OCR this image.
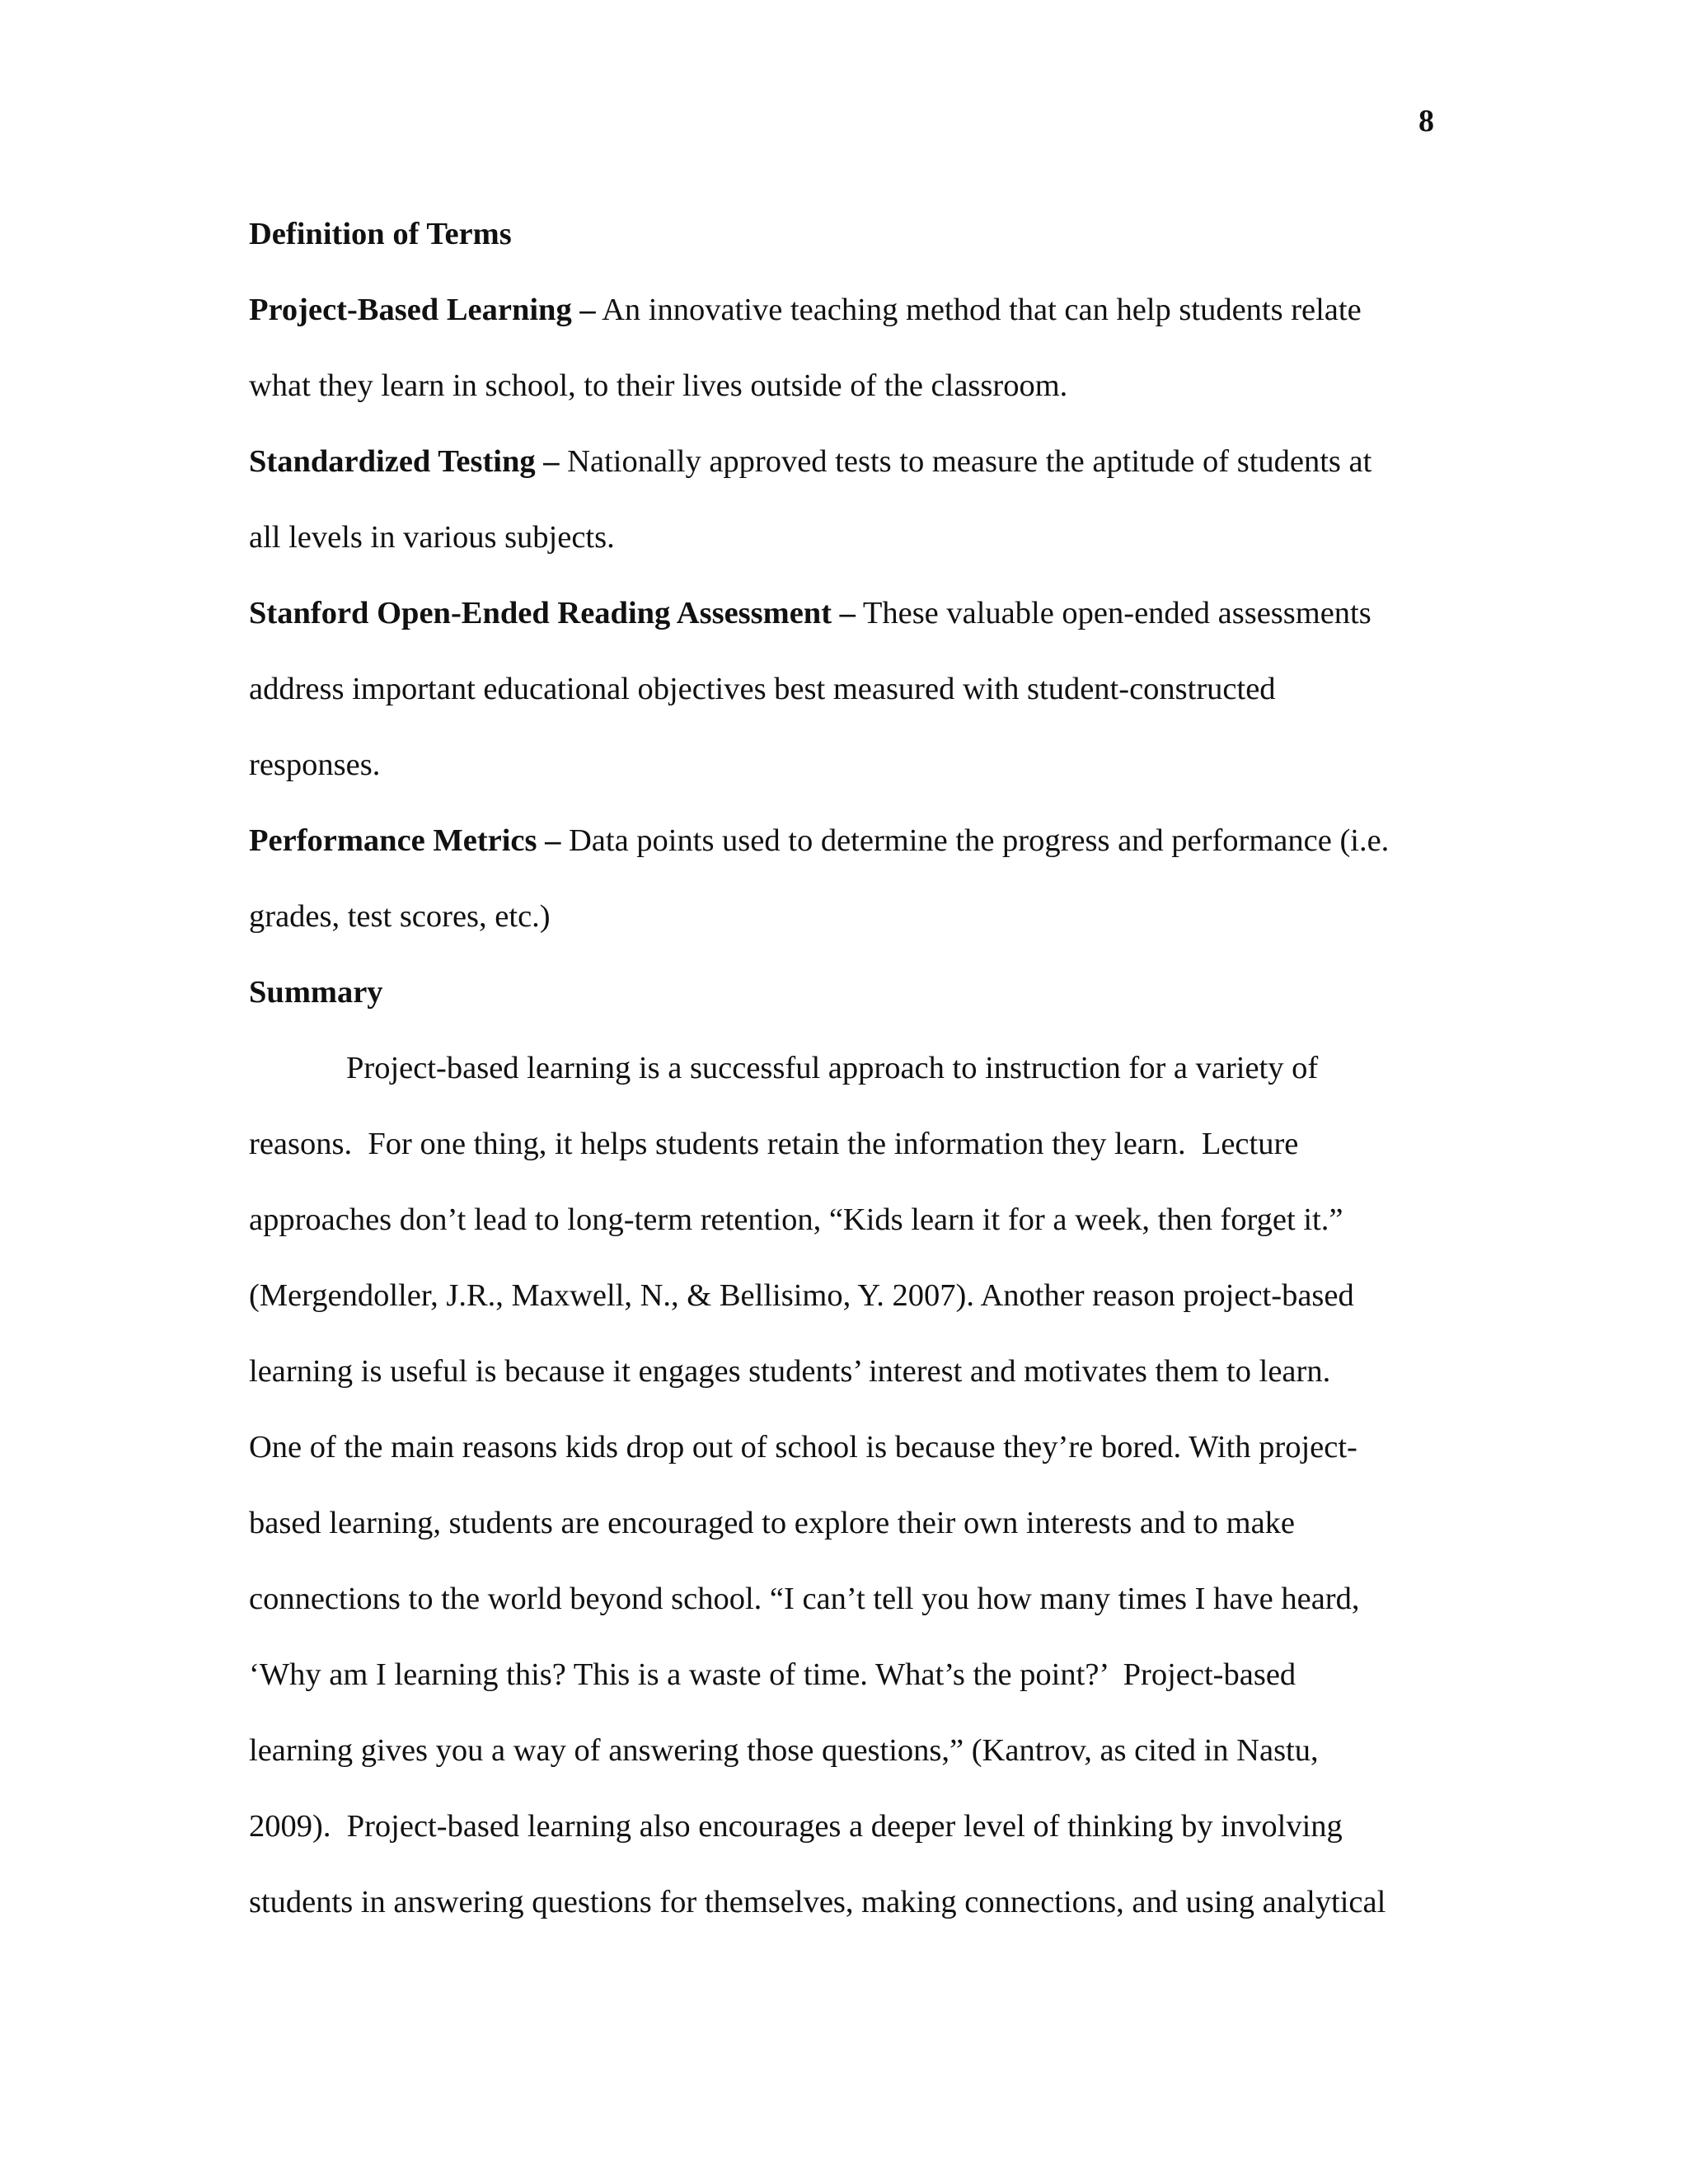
8

Definition of Terms

Project-Based Learning – An innovative teaching method that can help students relate
what they learn in school, to their lives outside of the classroom.
Standardized Testing – Nationally approved tests to measure the aptitude of students at
all levels in various subjects.
Stanford Open-Ended Reading Assessment – These valuable open-ended assessments
address important educational objectives best measured with student-constructed
responses.
Performance Metrics – Data points used to determine the progress and performance (i.e.
grades, test scores, etc.)

Summary

Project-based learning is a successful approach to instruction for a variety of
reasons.  For one thing, it helps students retain the information they learn.  Lecture
approaches don’t lead to long-term retention, “Kids learn it for a week, then forget it.”
(Mergendoller, J.R., Maxwell, N., & Bellisimo, Y. 2007). Another reason project-based
learning is useful is because it engages students’ interest and motivates them to learn.
One of the main reasons kids drop out of school is because they’re bored. With project-
based learning, students are encouraged to explore their own interests and to make
connections to the world beyond school. “I can’t tell you how many times I have heard,
‘Why am I learning this? This is a waste of time. What’s the point?’  Project-based
learning gives you a way of answering those questions,” (Kantrov, as cited in Nastu,
2009).  Project-based learning also encourages a deeper level of thinking by involving
students in answering questions for themselves, making connections, and using analytical
